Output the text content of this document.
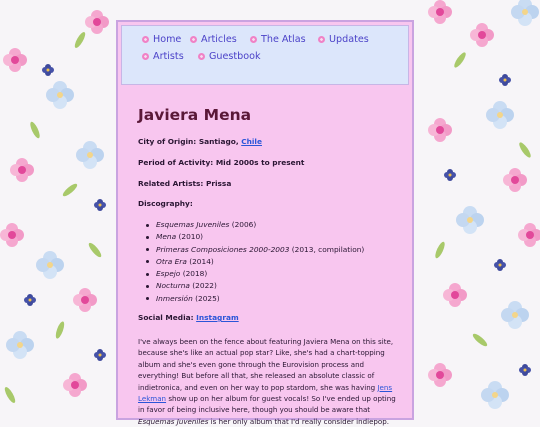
Home Articles	The Atlas Updates
Artists	Guestbook
Javiera Mena
City of Origin: Santiago, Chile
Period of Activity: Mid 2000s to present
Related Artists: Prissa
Discography:
Esquemas Juveniles (2006)
Mena (2010)
Primeras Composiciones 2000-2003 (2013, compilation)
Otra Era (2014)
Espejo (2018)
Nocturna (2022)
Inmersión (2025)
Social Media: Instagram
I've always been on the fence about featuring Javiera Mena on this site, because she's like an actual pop star? Like, she's had a chart-topping album and she's even gone through the Eurovision process and everything! But before all that, she released an absolute classic of indietronica, and even on her way to pop stardom, she was having Jens Lekman show up on her album for guest vocals! So I've ended up opting in favor of being inclusive here, though you should be aware that Esquemas Juveniles is her only album that I'd really consider indiepop.
